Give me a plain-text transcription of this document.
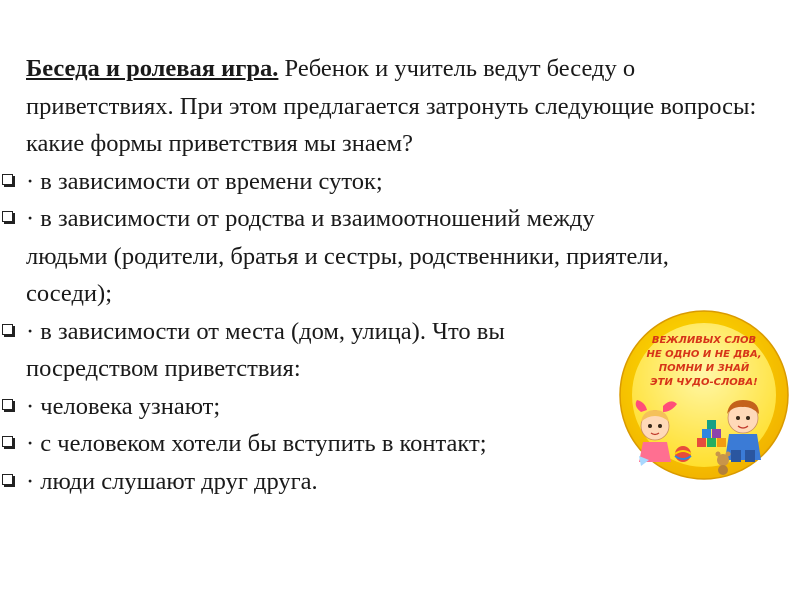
Беседа и ролевая игра. Ребенок и учитель ведут беседу о приветствиях. При этом предлагается затронуть следующие вопросы: какие формы приветствия мы знаем?
· в зависимости от времени суток;
· в зависимости от родства и взаимоотношений между
людьми (родители, братья и сестры, родственники, приятели, соседи);
· в зависимости от места (дом, улица). Что вы
посредством приветствия:
· человека узнают;
· с человеком хотели бы вступить в контакт;
· люди слушают друг друга.
ВЕЖЛИВЫХ СЛОВ
НЕ ОДНО И НЕ ДВА,
ПОМНИ И ЗНАЙ
ЭТИ ЧУДО-СЛОВА!
